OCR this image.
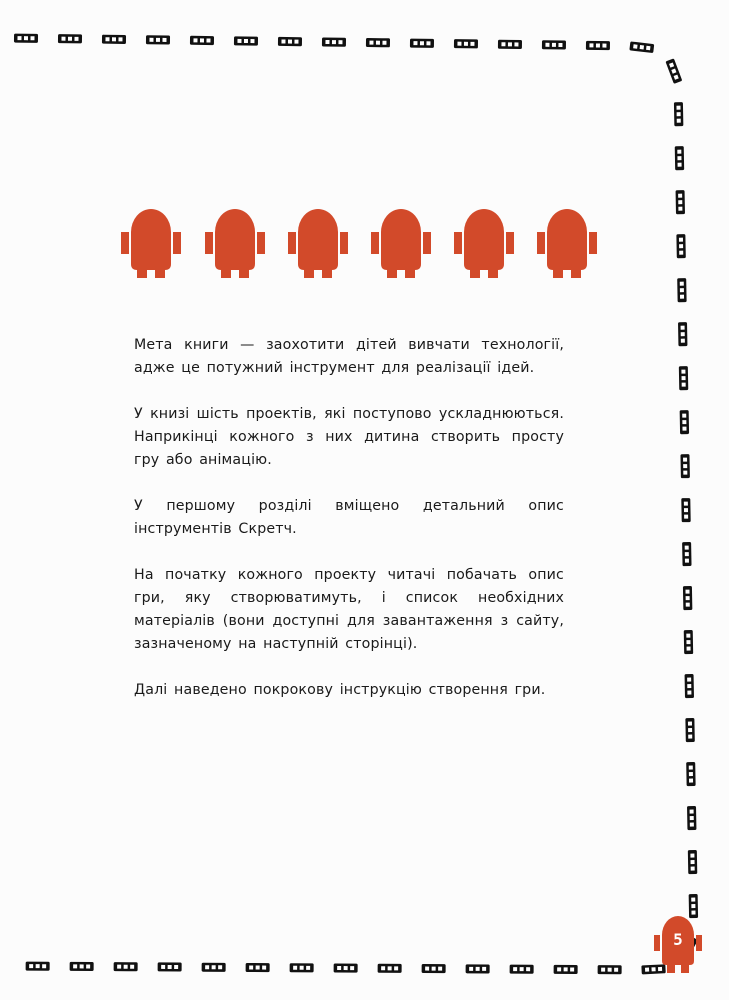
Мета книги — заохотити дітей вивчати технології, адже це потужний інструмент для реалізації ідей.

У книзі шість проектів, які поступово ускладнюються. Наприкінці кожного з них дитина створить просту гру або анімацію.

У першому розділі вміщено детальний опис інструментів Скретч.

На початку кожного проекту читачі побачать опис гри, яку створюватимуть, і список необхідних матеріалів (вони доступні для завантаження з сайту, зазначеному на наступній сторінці).

Далі наведено покрокову інструкцію створення гри.

5
